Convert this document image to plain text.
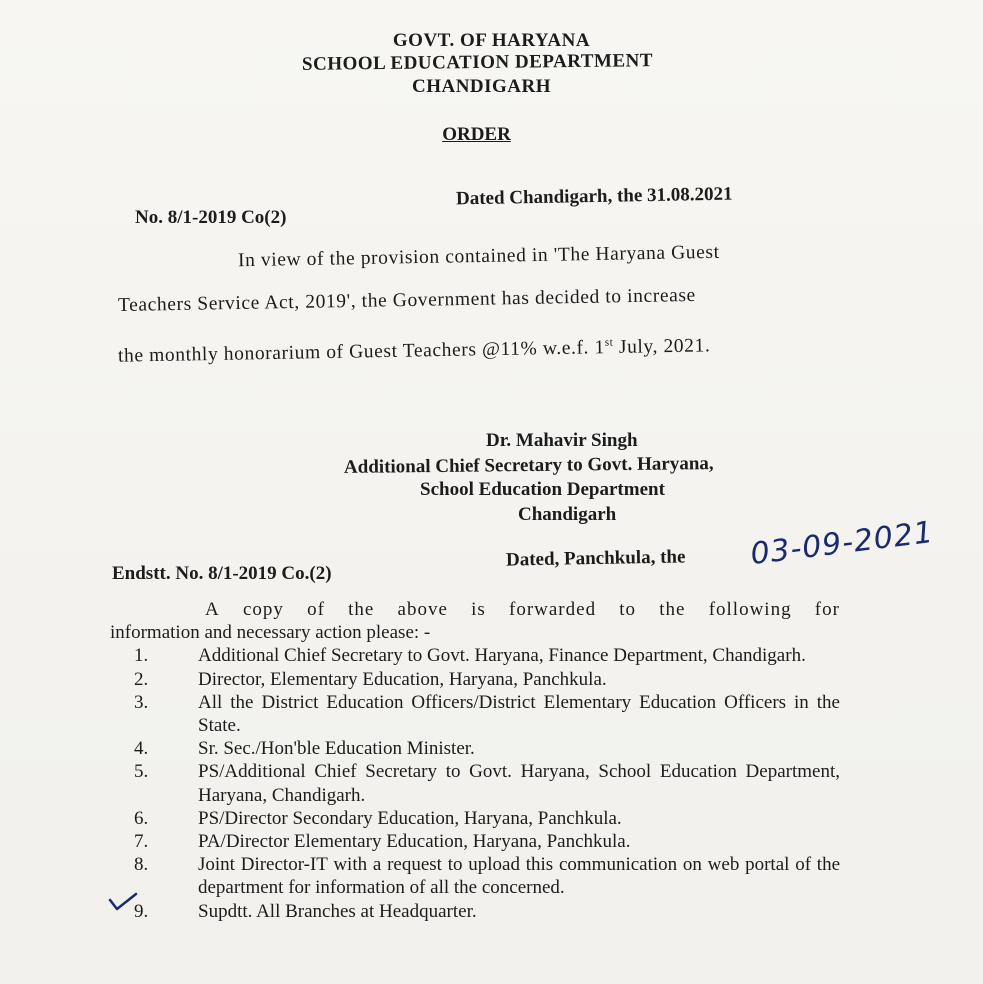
GOVT. OF HARYANA
SCHOOL EDUCATION DEPARTMENT
CHANDIGARH
ORDER
No. 8/1-2019 Co(2)
Dated Chandigarh, the 31.08.2021
In view of the provision contained in 'The Haryana Guest
Teachers Service Act, 2019', the Government has decided to increase
the monthly honorarium of Guest Teachers @11% w.e.f. 1st July, 2021.
Dr. Mahavir Singh
Additional Chief Secretary to Govt. Haryana,
School Education Department
Chandigarh
Endstt. No. 8/1-2019 Co.(2)
Dated, Panchkula, the 03-09-2021
A copy of the above is forwarded to the following for
information and necessary action please: -
1.	Additional Chief Secretary to Govt. Haryana, Finance Department, Chandigarh.
2.	Director, Elementary Education, Haryana, Panchkula.
3.	All the District Education Officers/District Elementary Education Officers in the State.
4.	Sr. Sec./Hon'ble Education Minister.
5.	PS/Additional Chief Secretary to Govt. Haryana, School Education Department, Haryana, Chandigarh.
6.	PS/Director Secondary Education, Haryana, Panchkula.
7.	PA/Director Elementary Education, Haryana, Panchkula.
8.	Joint Director-IT with a request to upload this communication on web portal of the department for information of all the concerned.
9.	Supdtt. All Branches at Headquarter.
